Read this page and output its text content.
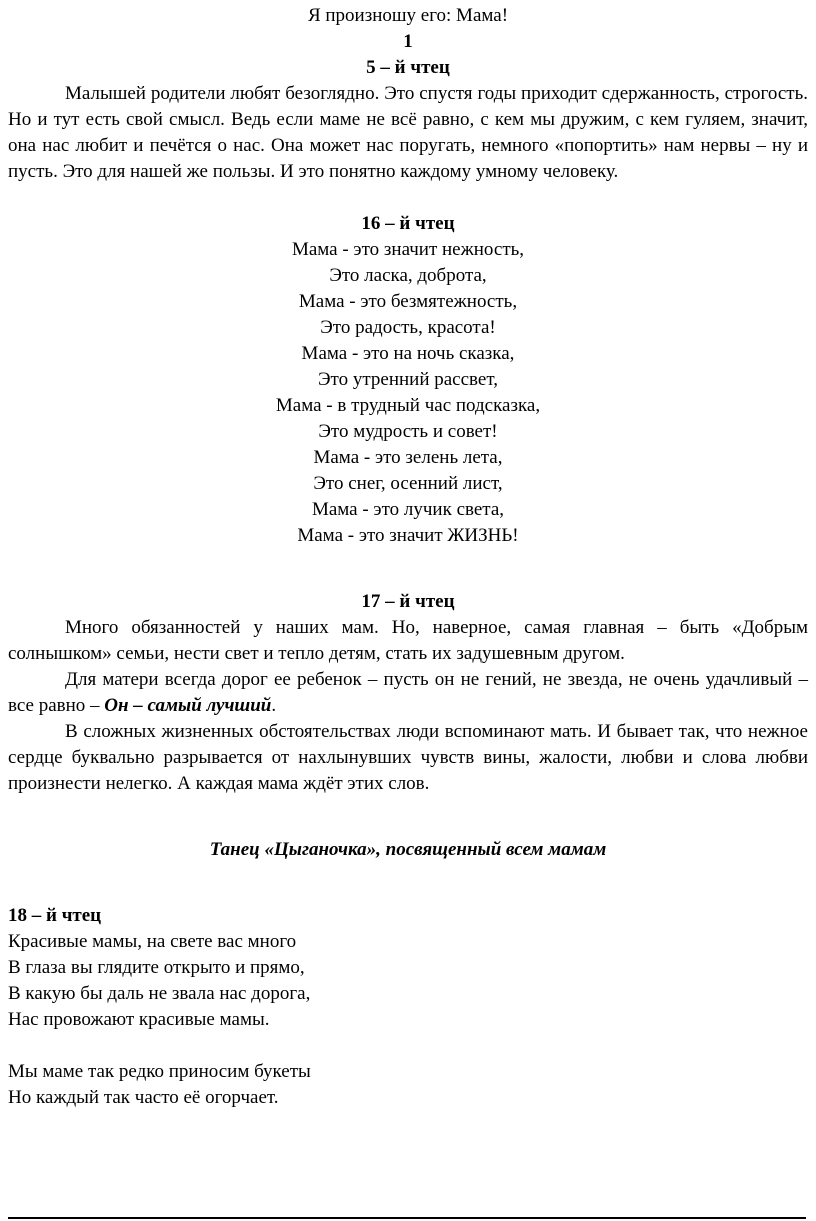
Я произношу его: Мама!
1
5 – й чтец

Малышей родители любят безоглядно. Это спустя годы приходит сдержанность, строгость. Но и тут есть свой смысл. Ведь если маме не всё равно, с кем мы дружим, с кем гуляем, значит, она нас любит и печётся о нас. Она может нас поругать, немного «попортить» нам нервы – ну и пусть. Это для нашей же пользы. И это понятно каждому умному человеку.

16 – й чтец
Мама - это значит нежность,
Это ласка, доброта,
Мама - это безмятежность,
Это радость, красота!
Мама - это на ночь сказка,
Это утренний рассвет,
Мама - в трудный час подсказка,
Это мудрость и совет!
Мама - это зелень лета,
Это снег, осенний лист,
Мама - это лучик света,
Мама - это значит ЖИЗНЬ!
17 – й чтец

Много обязанностей у наших мам. Но, наверное, самая главная – быть «Добрым солнышком» семьи, нести свет и тепло детям, стать их задушевным другом.

Для матери всегда дорог ее ребенок – пусть он не гений, не звезда, не очень удачливый – все равно – Он – самый лучший.

В сложных жизненных обстоятельствах люди вспоминают мать. И бывает так, что нежное сердце буквально разрывается от нахлынувших чувств вины, жалости, любви и слова любви произнести нелегко. А каждая мама ждёт этих слов.

Танец «Цыганочка», посвященный всем мамам
18 – й чтец
Красивые мамы, на свете вас много
В глаза вы глядите открыто и прямо,
В какую бы даль не звала нас дорога,
Нас провожают красивые мамы.
Мы маме так редко приносим букеты
Но каждый так часто её огорчает.
